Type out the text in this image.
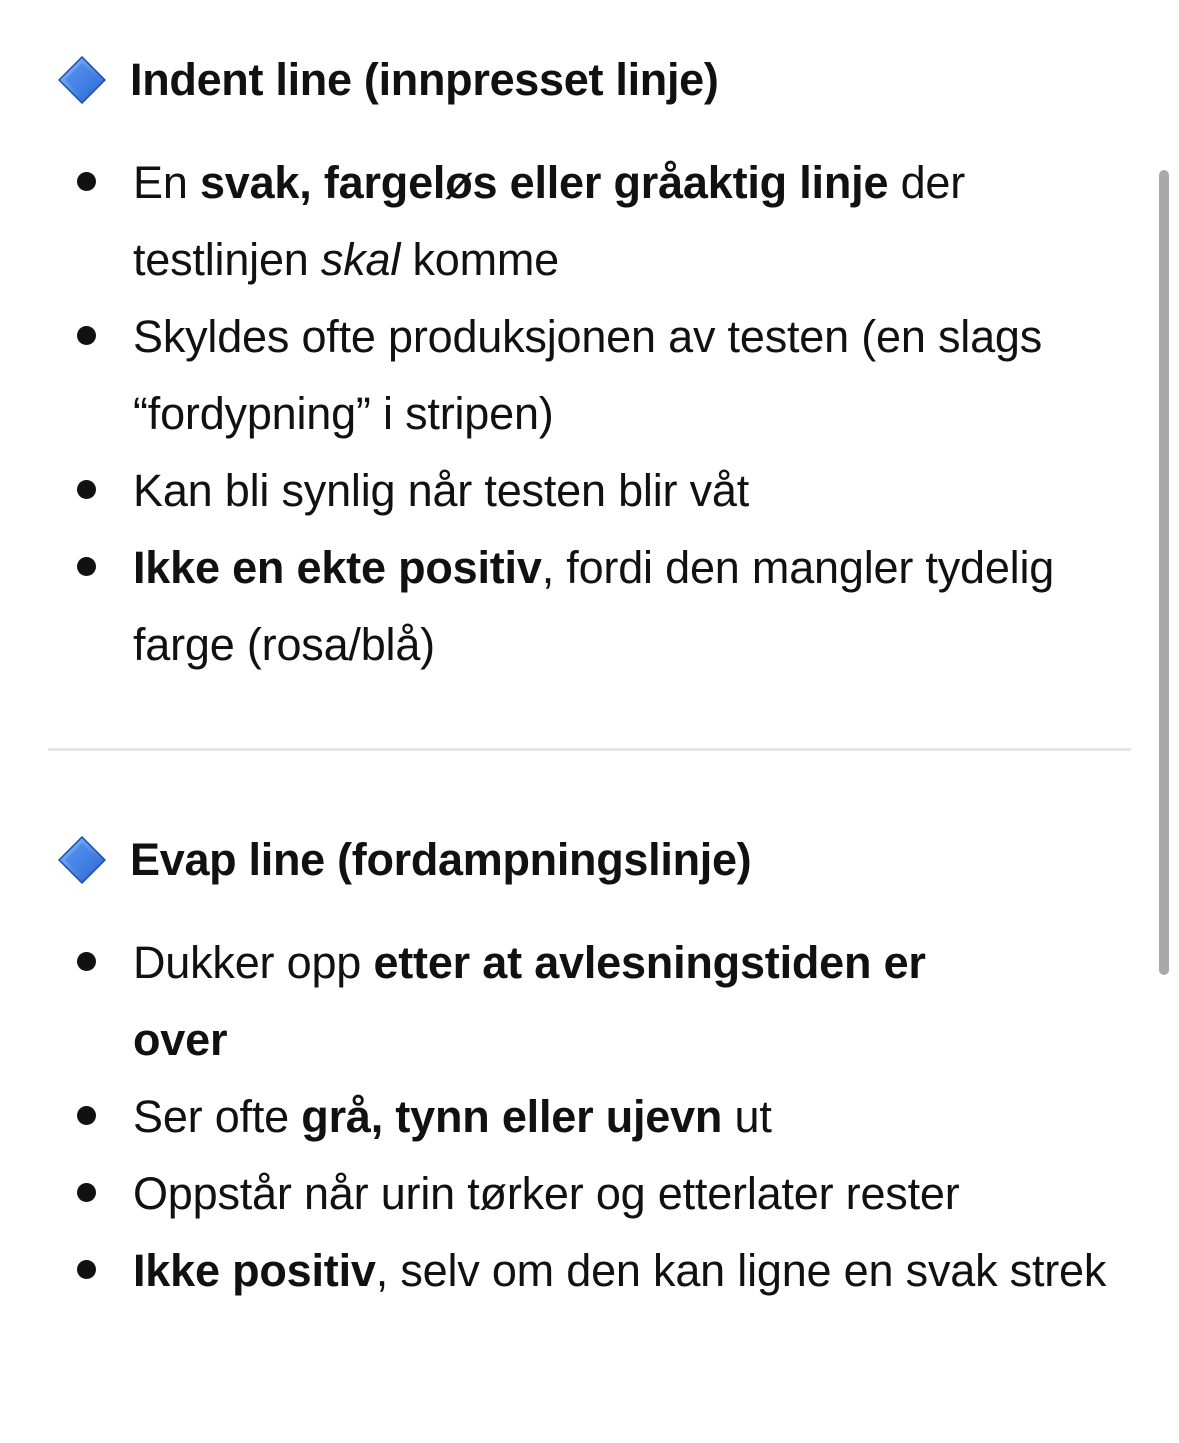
Indent line (innpresset linje)
En svak, fargeløs eller gråaktig linje der testlinjen skal komme
Skyldes ofte produksjonen av testen (en slags “fordypning” i stripen)
Kan bli synlig når testen blir våt
Ikke en ekte positiv, fordi den mangler tydelig farge (rosa/blå)
Evap line (fordampningslinje)
Dukker opp etter at avlesningstiden er over
Ser ofte grå, tynn eller ujevn ut
Oppstår når urin tørker og etterlater rester
Ikke positiv, selv om den kan ligne en svak strek
